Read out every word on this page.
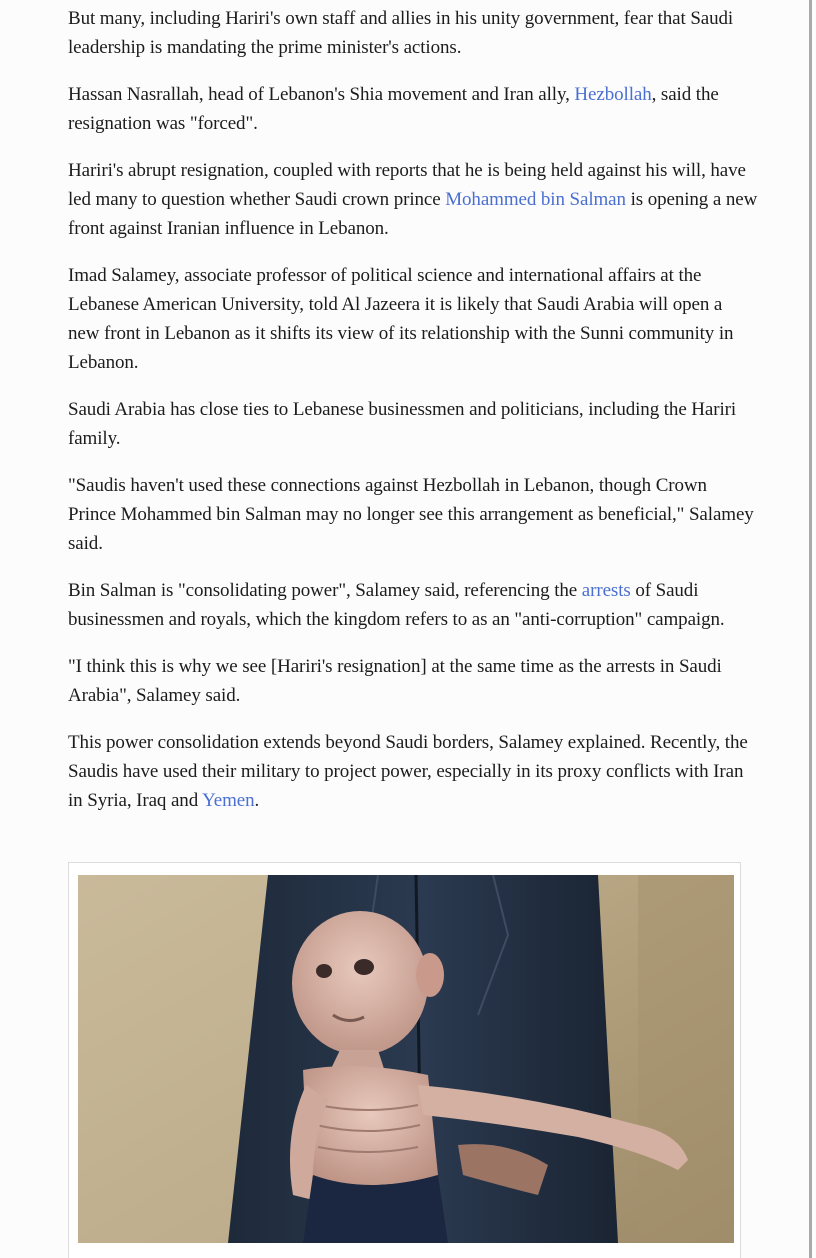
But many, including Hariri's own staff and allies in his unity government, fear that Saudi leadership is mandating the prime minister's actions.

Hassan Nasrallah, head of Lebanon's Shia movement and Iran ally, Hezbollah, said the resignation was "forced".

Hariri's abrupt resignation, coupled with reports that he is being held against his will, have led many to question whether Saudi crown prince Mohammed bin Salman is opening a new front against Iranian influence in Lebanon.

Imad Salamey, associate professor of political science and international affairs at the Lebanese American University, told Al Jazeera it is likely that Saudi Arabia will open a new front in Lebanon as it shifts its view of its relationship with the Sunni community in Lebanon.

Saudi Arabia has close ties to Lebanese businessmen and politicians, including the Hariri family.

"Saudis haven't used these connections against Hezbollah in Lebanon, though Crown Prince Mohammed bin Salman may no longer see this arrangement as beneficial," Salamey said.

Bin Salman is "consolidating power", Salamey said, referencing the arrests of Saudi businessmen and royals, which the kingdom refers to as an "anti-corruption" campaign.

"I think this is why we see [Hariri's resignation] at the same time as the arrests in Saudi Arabia", Salamey said.

This power consolidation extends beyond Saudi borders, Salamey explained. Recently, the Saudis have used their military to project power, especially in its proxy conflicts with Iran in Syria, Iraq and Yemen.
